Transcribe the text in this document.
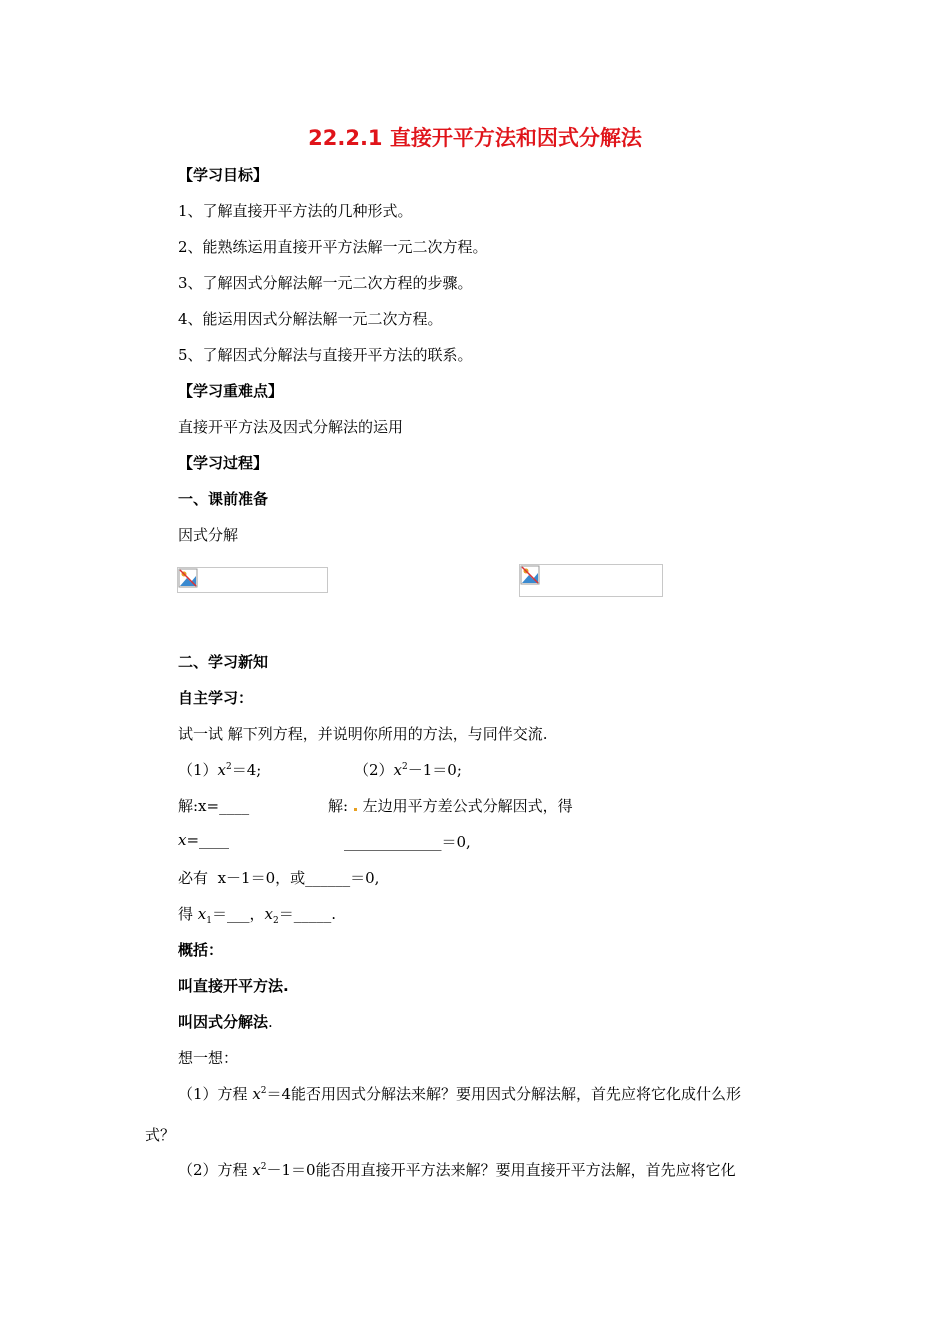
22.2.1 直接开平方法和因式分解法
【学习目标】
1、了解直接开平方法的几种形式。
2、能熟练运用直接开平方法解一元二次方程。
3、了解因式分解法解一元二次方程的步骤。
4、能运用因式分解法解一元二次方程。
5、了解因式分解法与直接开平方法的联系。
【学习重难点】
直接开平方法及因式分解法的运用
【学习过程】
一、课前准备
因式分解
二、学习新知
自主学习：
试一试 解下列方程，并说明你所用的方法，与同伴交流.
$(1)x^2=4$;	$(2)x^2-1=0$;
解:x=____	解: 左边用平方差公式分解因式，得
x=____	_____________＝0,
必有 x－1＝0，或______＝0,
得 $x_1=\_\_\_$，$x_2=\_\_\_\_\_$.
概括：
叫直接开平方法.
叫因式分解法.
想一想：
（1）方程 $x^2=4$能否用因式分解法来解？要用因式分解法解，首先应将它化成什么形
式？
（2）方程 $x^2-1=0$能否用直接开平方法来解？要用直接开平方法解，首先应将它化
